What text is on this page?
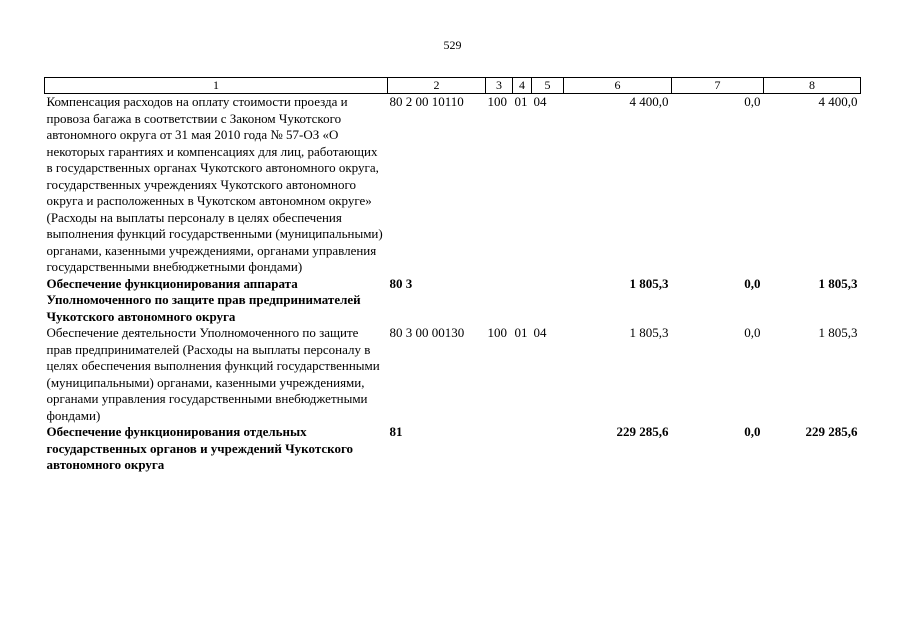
529
1	2	3	4	5	6	7	8
Компенсация расходов на оплату стоимости проезда и провоза багажа в соответствии с Законом Чукотского автономного округа от 31 мая 2010 года № 57-ОЗ «О некоторых гарантиях и компенсациях для лиц, работающих в государственных органах Чукотского автономного округа, государственных учреждениях Чукотского автономного округа и расположенных в Чукотском автономном округе» (Расходы на выплаты персоналу в целях обеспечения выполнения функций государственными (муниципальными) органами, казенными учреждениями, органами управления государственными внебюджетными фондами)	80 2 00 10110	100	01	04	4 400,0	0,0	4 400,0
Обеспечение функционирования аппарата Уполномоченного по защите прав предпринимателей Чукотского автономного округа	80 3				1 805,3	0,0	1 805,3
Обеспечение деятельности Уполномоченного по защите прав предпринимателей (Расходы на выплаты персоналу в целях обеспечения выполнения функций государственными (муниципальными) органами, казенными учреждениями, органами управления государственными внебюджетными фондами)	80 3 00 00130	100	01	04	1 805,3	0,0	1 805,3
Обеспечение функционирования отдельных государственных органов и учреждений Чукотского автономного округа	81				229 285,6	0,0	229 285,6
